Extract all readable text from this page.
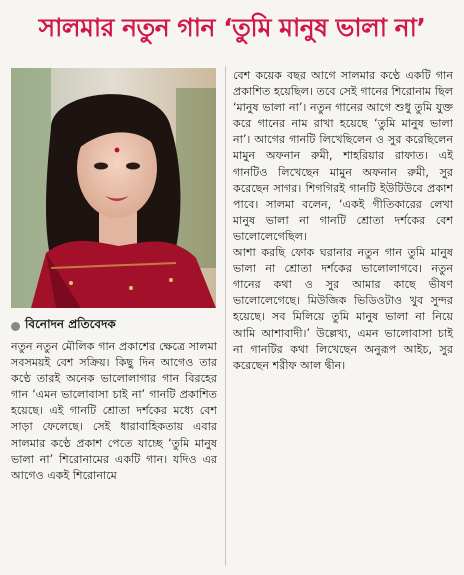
সালমার নতুন গান ‘তুমি মানুষ ভালা না’
বিনোদন প্রতিবেদক

নতুন নতুন মৌলিক গান প্রকাশের ক্ষেত্রে সালমা সবসময়ই বেশ সক্রিয়। কিছু দিন আগেও তার কণ্ঠে তারই অনেক ভালোলাগার গান বিরহের গান ‘এমন ভালোবাসা চাই না’ গানটি প্রকাশিত হয়েছে। এই গানটি শ্রোতা দর্শকের মধ্যে বেশ সাড়া ফেলেছে। সেই ধারাবাহিকতায় এবার সালমার কণ্ঠে প্রকাশ পেতে যাচ্ছে ‘তুমি মানুষ ভালা না’ শিরোনামের একটি গান। যদিও এর আগেও একই শিরোনামে

বেশ কয়েক বছর আগে সালমার কণ্ঠে একটি গান প্রকাশিত হয়েছিল। তবে সেই গানের শিরোনাম ছিল ‘মানুষ ভালা না’। নতুন গানের আগে শুধু তুমি যুক্ত করে গানের নাম রাখা হয়েছে ‘তুমি মানুষ ভালা না’। আগের গানটি লিখেছিলেন ও সুর করেছিলেন মামুন অফনান রুমী, শাহরিয়ার রাফাত। এই গানটিও লিখেছেন মামুন অফনান রুমী, সুর করেছেন সাগর। শিগগিরই গানটি ইউটিউবে প্রকাশ পাবে। সালমা বলেন, ‘একই গীতিকারের লেখা মানুষ ভালা না গানটি শ্রোতা দর্শকের বেশ ভালোলেগেছিল।

আশা করছি ফোক ঘরানার নতুন গান তুমি মানুষ ভালা না শ্রোতা দর্শকের ভালোলাগবে। নতুন গানের কথা ও সুর আমার কাছে ভীষণ ভালোলেগেছে। মিউজিক ভিডিওটাও খুব সুন্দর হয়েছে। সব মিলিয়ে তুমি মানুষ ভালা না নিয়ে আমি আশাবাদী।’ উল্লেখ্য, এমন ভালোবাসা চাই না গানটির কথা লিখেছেন অনুরূপ আইচ, সুর করেছেন শরীফ আল দ্বীন।
